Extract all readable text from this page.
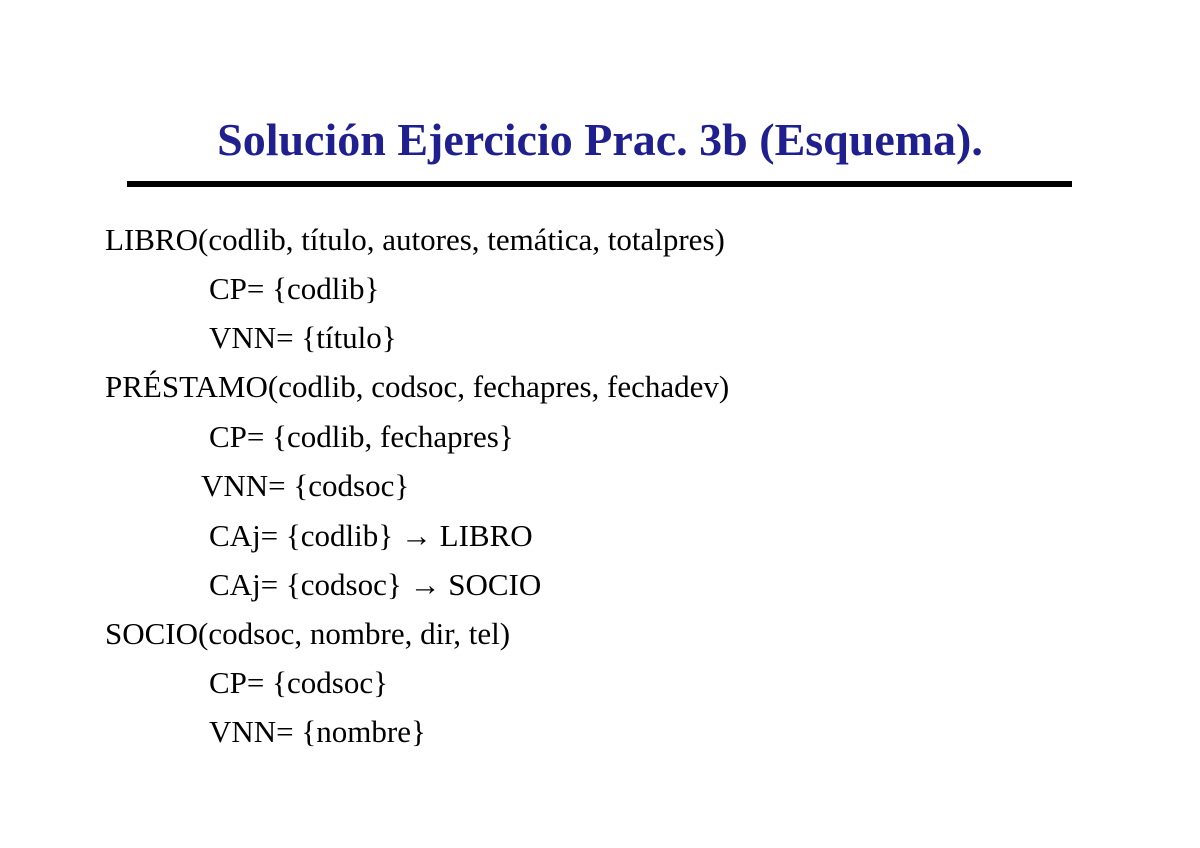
Solución Ejercicio Prac. 3b (Esquema).
LIBRO(codlib, título, autores, temática, totalpres)
CP= {codlib}
VNN= {título}
PRÉSTAMO(codlib, codsoc, fechapres, fechadev)
CP= {codlib, fechapres}
VNN= {codsoc}
CAj= {codlib} → LIBRO
CAj= {codsoc} → SOCIO
SOCIO(codsoc, nombre, dir, tel)
CP= {codsoc}
VNN= {nombre}
